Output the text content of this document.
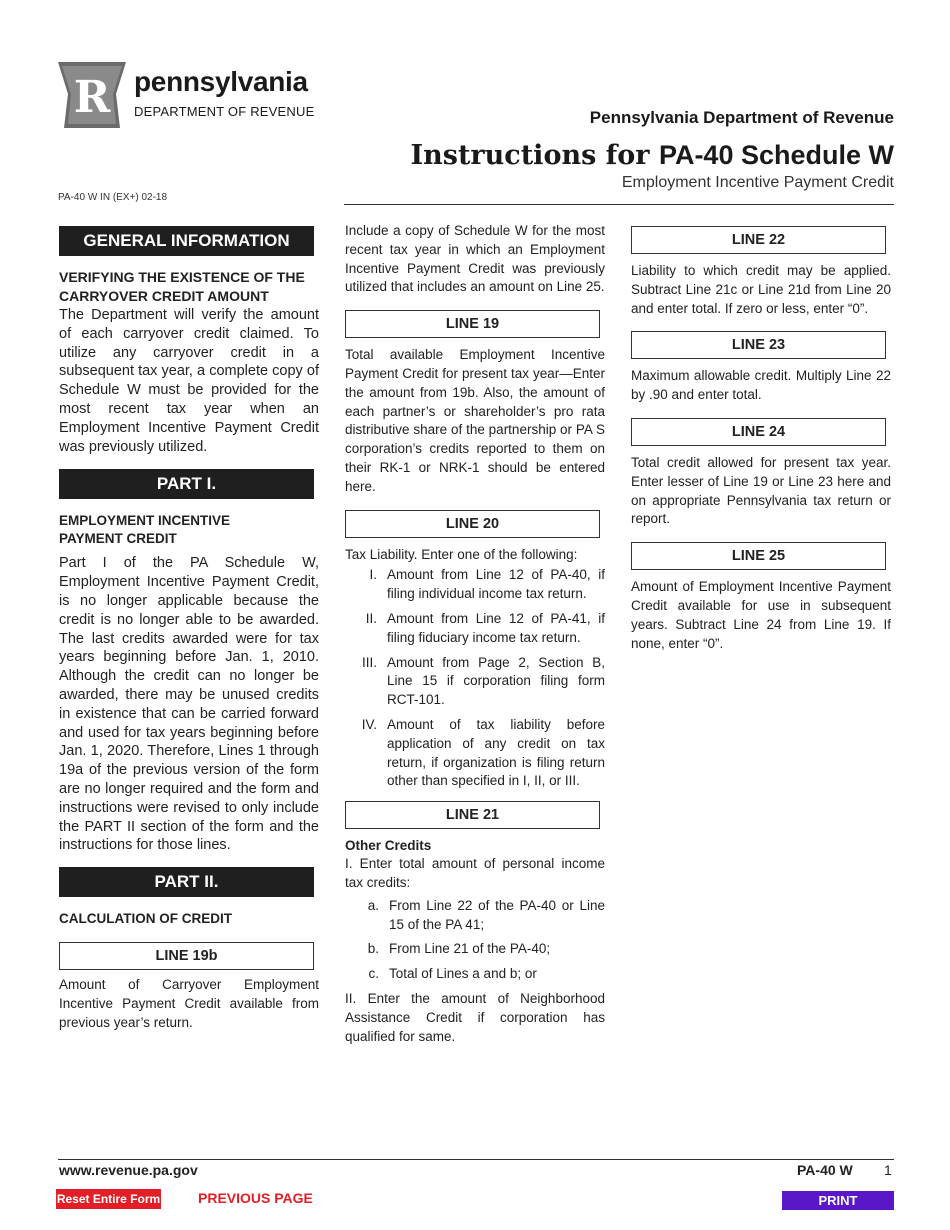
R pennsylvania
DEPARTMENT OF REVENUE	Pennsylvania Department of Revenue
Instructions for PA-40 Schedule W
Employment Incentive Payment Credit
PA-40 W IN (EX+) 02-18
GENERAL INFORMATION
VERIFYING THE EXISTENCE OF THE CARRYOVER CREDIT AMOUNT
The Department will verify the amount of each carryover credit claimed. To utilize any carryover credit in a subsequent tax year, a complete copy of Schedule W must be provided for the most recent tax year when an Employment Incentive Payment Credit was previously utilized.
PART I.
EMPLOYMENT INCENTIVE PAYMENT CREDIT
Part I of the PA Schedule W, Employment Incentive Payment Credit, is no longer applicable because the credit is no longer able to be awarded. The last credits awarded were for tax years beginning before Jan. 1, 2010. Although the credit can no longer be awarded, there may be unused credits in existence that can be carried forward and used for tax years beginning before Jan. 1, 2020. Therefore, Lines 1 through 19a of the previous version of the form are no longer required and the form and instructions were revised to only include the PART II section of the form and the instructions for those lines.
PART II.
CALCULATION OF CREDIT
LINE 19b
Amount of Carryover Employment Incentive Payment Credit available from previous year’s return.
Include a copy of Schedule W for the most recent tax year in which an Employment Incentive Payment Credit was previously utilized that includes an amount on Line 25.
LINE 19
Total available Employment Incentive Payment Credit for present tax year—Enter the amount from 19b. Also, the amount of each partner’s or shareholder’s pro rata distributive share of the partnership or PA S corporation’s credits reported to them on their RK-1 or NRK-1 should be entered here.
LINE 20
Tax Liability. Enter one of the following:
I. Amount from Line 12 of PA-40, if filing individual income tax return.
II. Amount from Line 12 of PA-41, if filing fiduciary income tax return.
III. Amount from Page 2, Section B, Line 15 if corporation filing form RCT-101.
IV. Amount of tax liability before application of any credit on tax return, if organization is filing return other than specified in I, II, or III.
LINE 21
Other Credits
I. Enter total amount of personal income tax credits:
a. From Line 22 of the PA-40 or Line 15 of the PA 41;
b. From Line 21 of the PA-40;
c. Total of Lines a and b; or
II. Enter the amount of Neighborhood Assistance Credit if corporation has qualified for same.
LINE 22
Liability to which credit may be applied. Subtract Line 21c or Line 21d from Line 20 and enter total. If zero or less, enter “0”.
LINE 23
Maximum allowable credit. Multiply Line 22 by .90 and enter total.
LINE 24
Total credit allowed for present tax year. Enter lesser of Line 19 or Line 23 here and on appropriate Pennsylvania tax return or report.
LINE 25
Amount of Employment Incentive Payment Credit available for use in subsequent years. Subtract Line 24 from Line 19. If none, enter “0”.
www.revenue.pa.gov	PA-40 W 1
Reset Entire Form	PREVIOUS PAGE	PRINT
